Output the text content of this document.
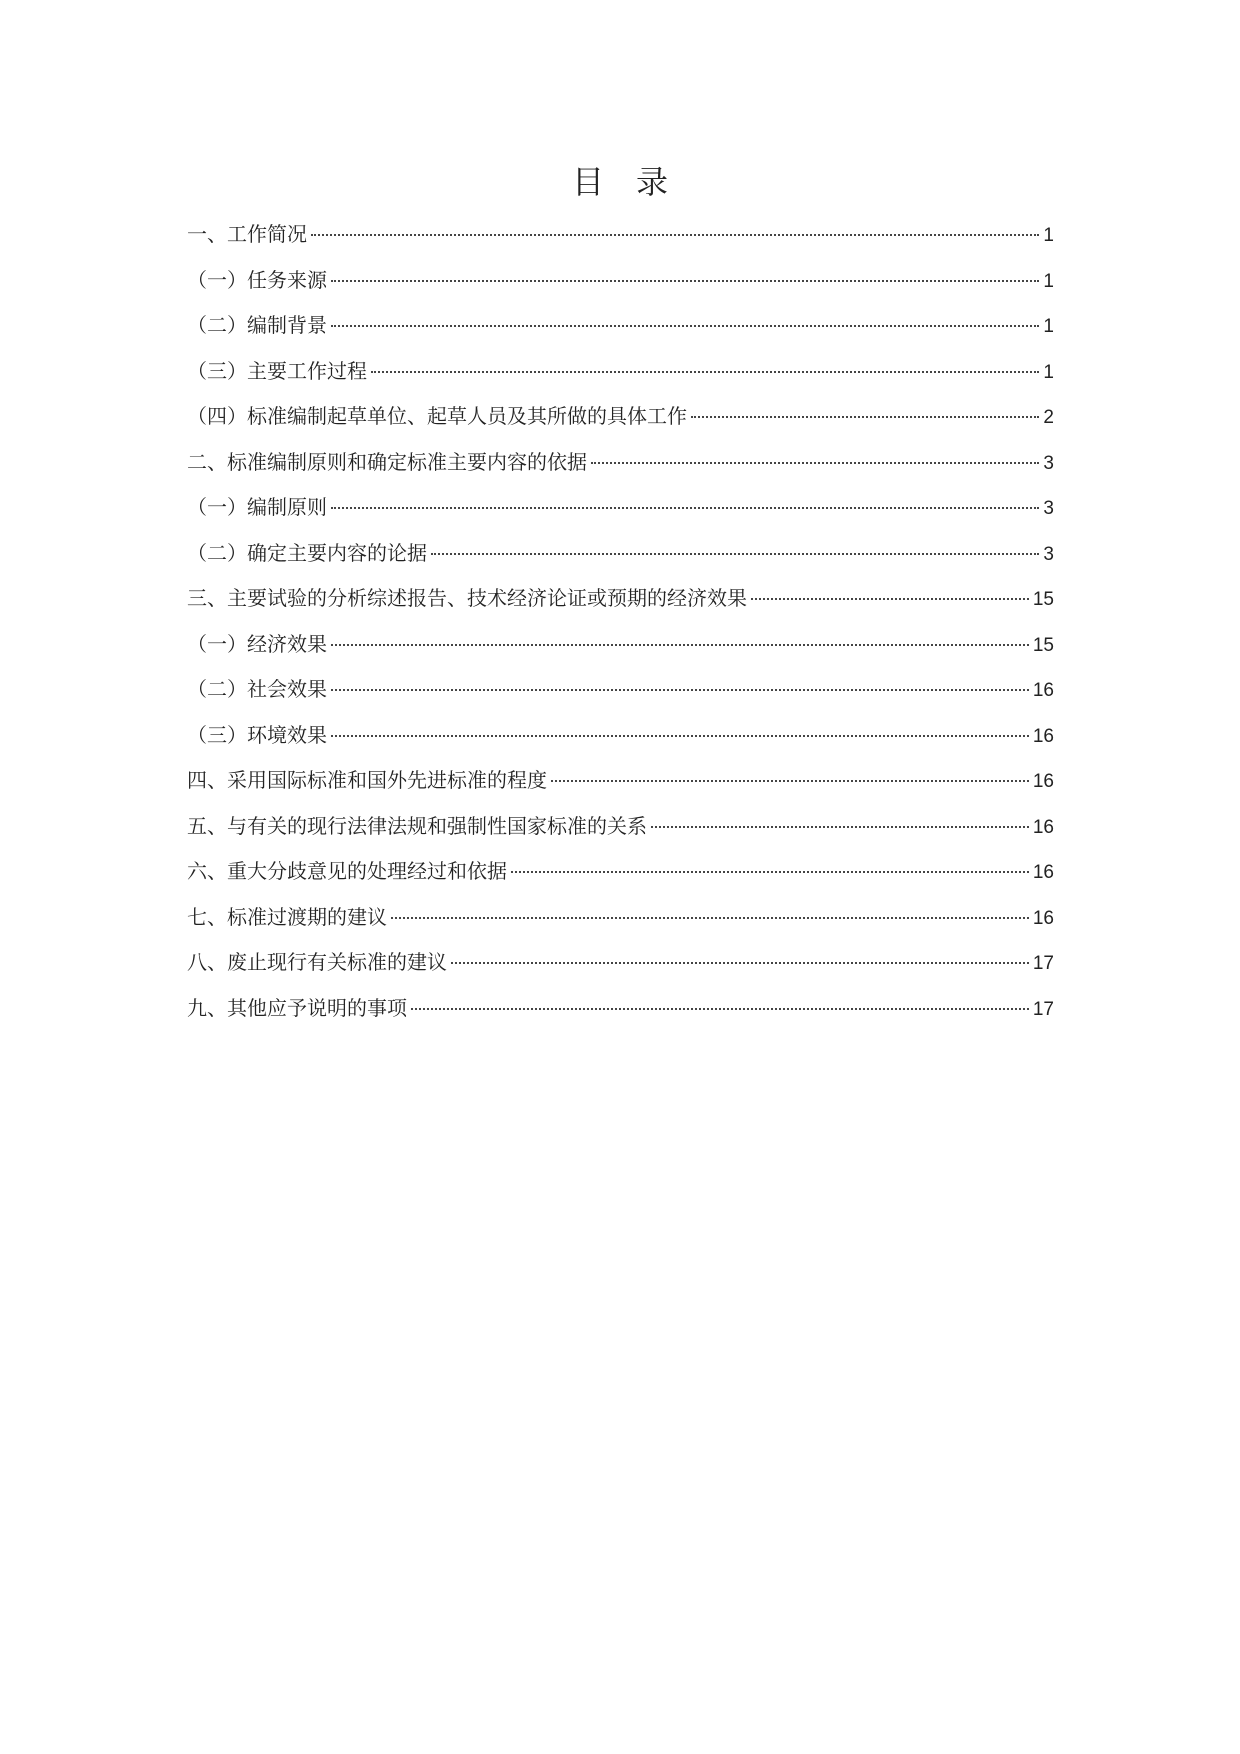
目　录
一、工作简况	1
（一）任务来源	1
（二）编制背景	1
（三）主要工作过程	1
（四）标准编制起草单位、起草人员及其所做的具体工作	2
二、标准编制原则和确定标准主要内容的依据	3
（一）编制原则	3
（二）确定主要内容的论据	3
三、主要试验的分析综述报告、技术经济论证或预期的经济效果	15
（一）经济效果	15
（二）社会效果	16
（三）环境效果	16
四、采用国际标准和国外先进标准的程度	16
五、与有关的现行法律法规和强制性国家标准的关系	16
六、重大分歧意见的处理经过和依据	16
七、标准过渡期的建议	16
八、废止现行有关标准的建议	17
九、其他应予说明的事项	17
